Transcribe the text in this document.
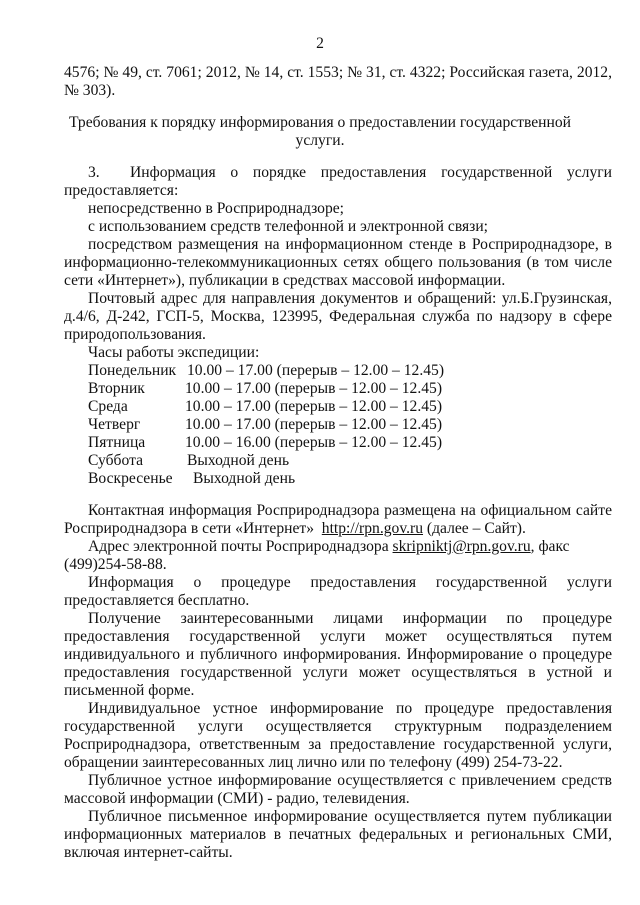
2
4576; № 49, ст. 7061; 2012, № 14, ст. 1553; № 31, ст. 4322; Российская газета, 2012,
№ 303).
Требования к порядку информирования о предоставлении государственной
услуги.
3. Информация о порядке предоставления государственной услуги
предоставляется:
непосредственно в Росприроднадзоре;
с использованием средств телефонной и электронной связи;
посредством размещения на информационном стенде в Росприроднадзоре, в
информационно-телекоммуникационных сетях общего пользования (в том числе
сети «Интернет»), публикации в средствах массовой информации.
Почтовый адрес для направления документов и обращений: ул.Б.Грузинская,
д.4/6, Д-242, ГСП-5, Москва, 123995, Федеральная служба по надзору в сфере
природопользования.
Часы работы экспедиции:
Понедельник 10.00 – 17.00 (перерыв – 12.00 – 12.45)
Вторник	10.00 – 17.00 (перерыв – 12.00 – 12.45)
Среда	10.00 – 17.00 (перерыв – 12.00 – 12.45)
Четверг	10.00 – 17.00 (перерыв – 12.00 – 12.45)
Пятница	10.00 – 16.00 (перерыв – 12.00 – 12.45)
Суббота	Выходной день
Воскресенье Выходной день
Контактная информация Росприроднадзора размещена на официальном сайте
Росприроднадзора в сети «Интернет» http://rpn.gov.ru (далее – Сайт).
Адрес электронной почты Росприроднадзора skripniktj@rpn.gov.ru, факс
(499)254-58-88.
Информация о процедуре предоставления государственной услуги
предоставляется бесплатно.
Получение заинтересованными лицами информации по процедуре
предоставления государственной услуги может осуществляться путем
индивидуального и публичного информирования. Информирование о процедуре
предоставления государственной услуги может осуществляться в устной и
письменной форме.
Индивидуальное устное информирование по процедуре предоставления
государственной услуги осуществляется структурным подразделением
Росприроднадзора, ответственным за предоставление государственной услуги,
обращении заинтересованных лиц лично или по телефону (499) 254-73-22.
Публичное устное информирование осуществляется с привлечением средств
массовой информации (СМИ) - радио, телевидения.
Публичное письменное информирование осуществляется путем публикации
информационных материалов в печатных федеральных и региональных СМИ,
включая интернет-сайты.
